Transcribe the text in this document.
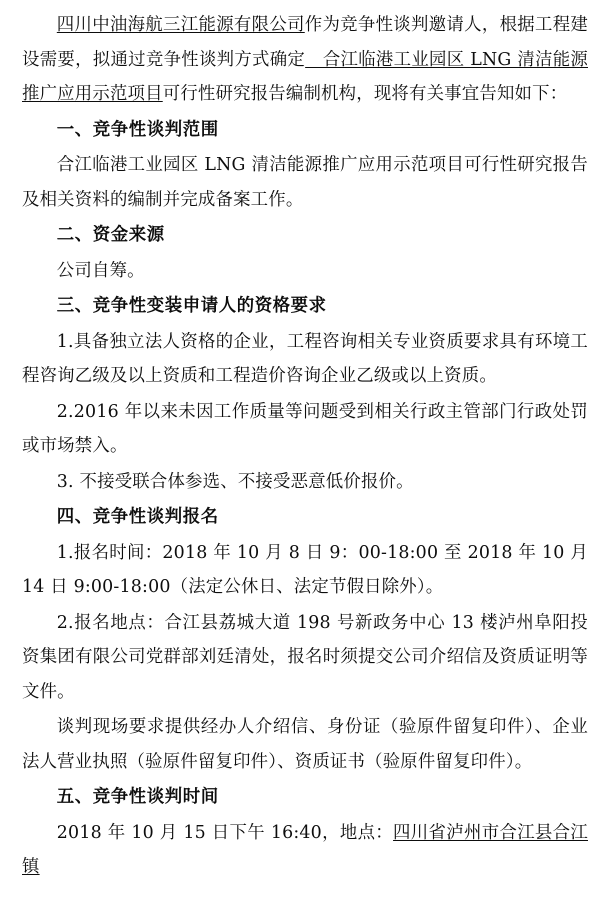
四川中油海航三江能源有限公司作为竞争性谈判邀请人，根据工程建设需要，拟通过竞争性谈判方式确定　合江临港工业园区 LNG 清洁能源推广应用示范项目可行性研究报告编制机构，现将有关事宜告知如下：

一、竞争性谈判范围

合江临港工业园区 LNG 清洁能源推广应用示范项目可行性研究报告及相关资料的编制并完成备案工作。

二、资金来源

公司自筹。

三、竞争性变装申请人的资格要求

1.具备独立法人资格的企业，工程咨询相关专业资质要求具有环境工程咨询乙级及以上资质和工程造价咨询企业乙级或以上资质。

2.2016 年以来未因工作质量等问题受到相关行政主管部门行政处罚或市场禁入。

3. 不接受联合体参选、不接受恶意低价报价。

四、竞争性谈判报名

1.报名时间：2018 年 10 月 8 日 9：00-18:00 至 2018 年 10 月 14 日 9:00-18:00（法定公休日、法定节假日除外）。

2.报名地点：合江县荔城大道 198 号新政务中心 13 楼泸州阜阳投资集团有限公司党群部刘廷清处，报名时须提交公司介绍信及资质证明等文件。

谈判现场要求提供经办人介绍信、身份证（验原件留复印件）、企业法人营业执照（验原件留复印件）、资质证书（验原件留复印件）。

五、竞争性谈判时间

2018 年 10 月 15 日下午 16:40，地点：四川省泸州市合江县合江镇
